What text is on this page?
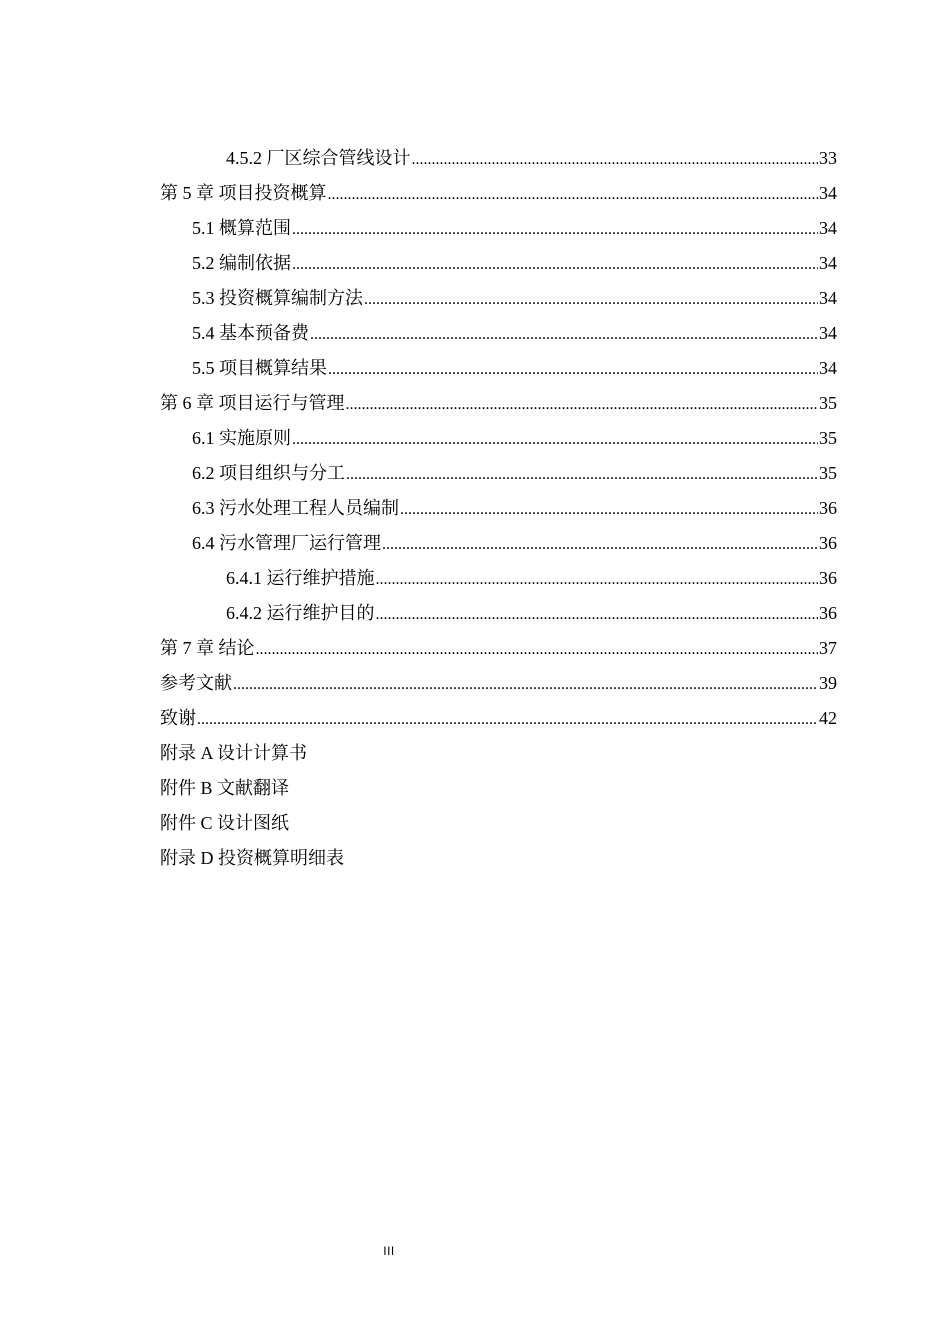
4.5.2 厂区综合管线设计 .....	33
第 5 章 项目投资概算 .....	34
5.1 概算范围 .....	34
5.2 编制依据 .....	34
5.3 投资概算编制方法 .....	34
5.4 基本预备费 .....	34
5.5 项目概算结果 .....	34
第 6 章 项目运行与管理 .....	35
6.1 实施原则 .....	35
6.2 项目组织与分工 .....	35
6.3 污水处理工程人员编制 .....	36
6.4 污水管理厂运行管理 .....	36
6.4.1 运行维护措施 .....	36
6.4.2 运行维护目的 .....	36
第 7 章 结论 .....	37
参考文献 .....	39
致谢 .....	42
附录 A 设计计算书
附件 B 文献翻译
附件 C 设计图纸
附录 D 投资概算明细表
III
